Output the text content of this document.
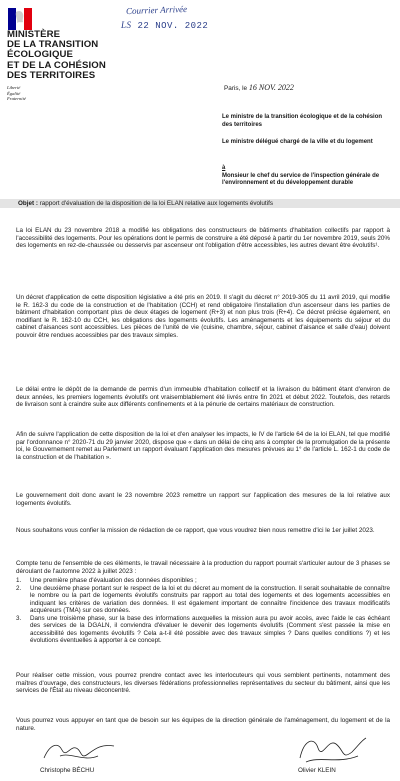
MINISTÈRE
DE LA TRANSITION
ÉCOLOGIQUE
ET DE LA COHÉSION
DES TERRITOIRES
Liberté
Égalité
Fraternité
Courrier Arrivée
LS 22 NOV. 2022
Paris, le 16 NOV. 2022
Le ministre de la transition écologique et de la cohésion des territoires
Le ministre délégué chargé de la ville et du logement
à
Monsieur le chef du service de l'inspection générale de l'environnement et du développement durable
Objet : rapport d'évaluation de la disposition de la loi ELAN relative aux logements évolutifs
La loi ELAN du 23 novembre 2018 a modifié les obligations des constructeurs de bâtiments d'habitation collectifs par rapport à l'accessibilité des logements. Pour les opérations dont le permis de construire a été déposé à partir du 1er novembre 2019, seuls 20% des logements en rez-de-chaussée ou desservis par ascenseur ont l'obligation d'être accessibles, les autres devant être évolutifs¹.
Un décret d'application de cette disposition législative a été pris en 2019. Il s'agit du décret n° 2019-305 du 11 avril 2019, qui modifie le R. 162-3 du code de la construction et de l'habitation (CCH) et rend obligatoire l'installation d'un ascenseur dans les parties de bâtiment d'habitation comportant plus de deux étages de logement (R+3) et non plus trois (R+4). Ce décret précise également, en modifiant le R. 162-10 du CCH, les obligations des logements évolutifs. Les aménagements et les équipements du séjour et du cabinet d'aisances sont accessibles. Les pièces de l'unité de vie (cuisine, chambre, séjour, cabinet d'aisance et salle d'eau) doivent pouvoir être rendues accessibles par des travaux simples.
Le délai entre le dépôt de la demande de permis d'un immeuble d'habitation collectif et la livraison du bâtiment étant d'environ de deux années, les premiers logements évolutifs ont vraisemblablement été livrés entre fin 2021 et début 2022. Toutefois, des retards de livraison sont à craindre suite aux différents confinements et à la pénurie de certains matériaux de construction.
Afin de suivre l'application de cette disposition de la loi et d'en analyser les impacts, le IV de l'article 64 de la loi ELAN, tel que modifié par l'ordonnance n° 2020-71 du 29 janvier 2020, dispose que « dans un délai de cinq ans à compter de la promulgation de la présente loi, le Gouvernement remet au Parlement un rapport évaluant l'application des mesures prévues au 1° de l'article L. 162-1 du code de la construction et de l'habitation ».
Le gouvernement doit donc avant le 23 novembre 2023 remettre un rapport sur l'application des mesures de la loi relative aux logements évolutifs.
Nous souhaitons vous confier la mission de rédaction de ce rapport, que vous voudrez bien nous remettre d'ici le 1er juillet 2023.
Compte tenu de l'ensemble de ces éléments, le travail nécessaire à la production du rapport pourrait s'articuler autour de 3 phases se déroulant de l'automne 2022 à juillet 2023 :
1. Une première phase d'évaluation des données disponibles ;
2. Une deuxième phase portant sur le respect de la loi et du décret au moment de la construction. Il serait souhaitable de connaître le nombre ou la part de logements évolutifs construits par rapport au total des logements et des logements accessibles en indiquant les critères de variation des données. Il est également important de connaître l'incidence des travaux modificatifs acquéreurs (TMA) sur ces données.
3. Dans une troisième phase, sur la base des informations auxquelles la mission aura pu avoir accès, avec l'aide le cas échéant des services de la DGALN, il conviendra d'évaluer le devenir des logements évolutifs (Comment s'est passée la mise en accessibilité des logements évolutifs ? Cela a-t-il été possible avec des travaux simples ? Dans quelles conditions ?) et les évolutions éventuelles à apporter à ce concept.
Pour réaliser cette mission, vous pourrez prendre contact avec les interlocuteurs qui vous semblent pertinents, notamment des maîtres d'ouvrage, des constructeurs, les diverses fédérations professionnelles représentatives du secteur du bâtiment, ainsi que les services de l'État au niveau déconcentré.
Vous pourrez vous appuyer en tant que de besoin sur les équipes de la direction générale de l'aménagement, du logement et de la nature.
Christophe BÉCHU	Olivier KLEIN
